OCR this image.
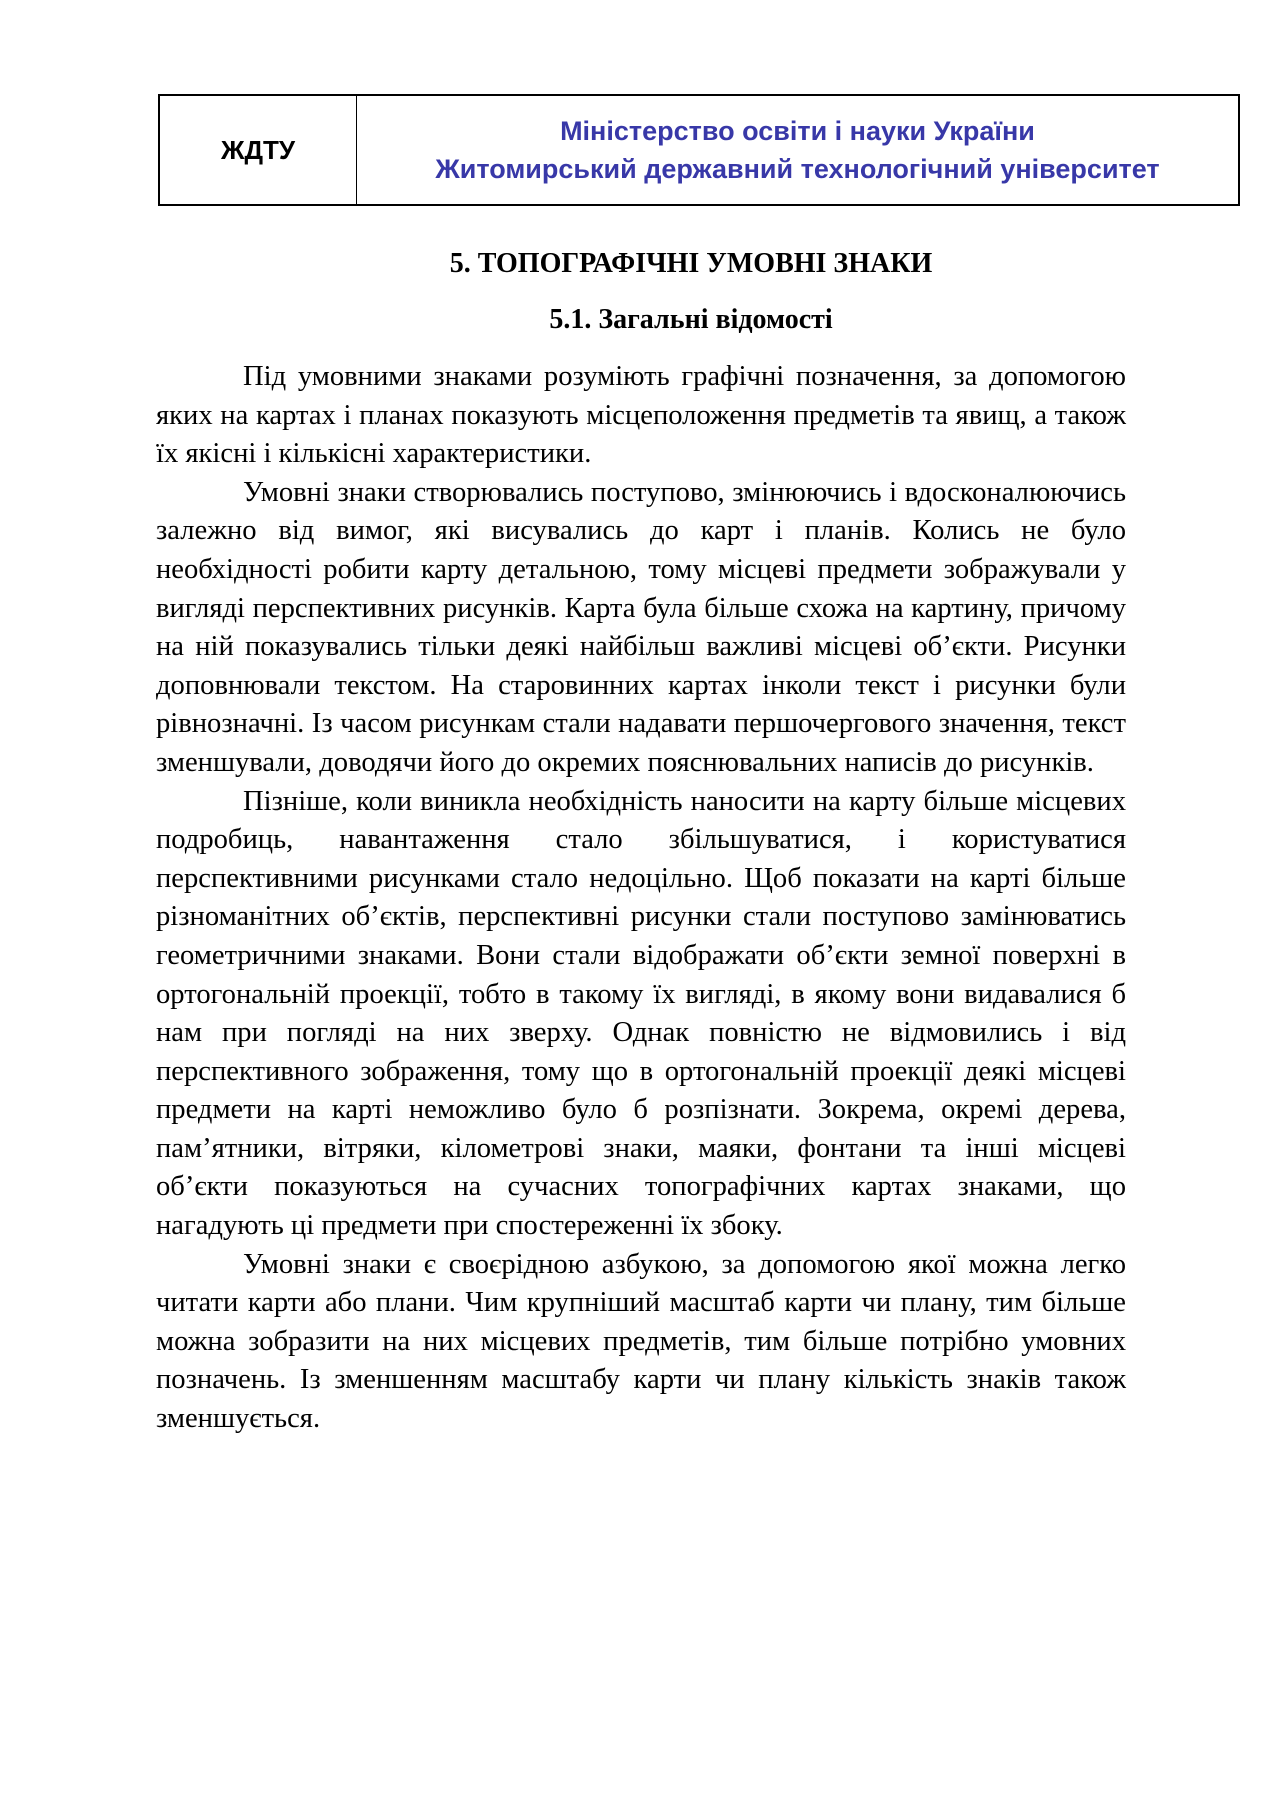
ЖДТУ	
Міністерство освіти і науки України
Житомирський державний технологічний університет
5. ТОПОГРАФІЧНІ УМОВНІ ЗНАКИ
5.1. Загальні відомості

Під умовними знаками розуміють графічні позначення, за допомогою яких на картах і планах показують місцеположення предметів та явищ, а також їх якісні і кількісні характеристики.

Умовні знаки створювались поступово, змінюючись і вдосконалюючись залежно від вимог, які висувались до карт і планів. Колись не було необхідності робити карту детальною, тому місцеві предмети зображували у вигляді перспективних рисунків. Карта була більше схожа на картину, причому на ній показувались тільки деякі найбільш важливі місцеві об’єкти. Рисунки доповнювали текстом. На старовинних картах інколи текст і рисунки були рівнозначні. Із часом рисункам стали надавати першочергового значення, текст зменшували, доводячи його до окремих пояснювальних написів до рисунків.

Пізніше, коли виникла необхідність наносити на карту більше місцевих подробиць, навантаження стало збільшуватися, і користуватися перспективними рисунками стало недоцільно. Щоб показати на карті більше різноманітних об’єктів, перспективні рисунки стали поступово замінюватись геометричними знаками. Вони стали відображати об’єкти земної поверхні в ортогональній проекції, тобто в такому їх вигляді, в якому вони видавалися б нам при погляді на них зверху. Однак повністю не відмовились і від перспективного зображення, тому що в ортогональній проекції деякі місцеві предмети на карті неможливо було б розпізнати. Зокрема, окремі дерева, пам’ятники, вітряки, кілометрові знаки, маяки, фонтани та інші місцеві об’єкти показуються на сучасних топографічних картах знаками, що нагадують ці предмети при спостереженні їх збоку.

Умовні знаки є своєрідною азбукою, за допомогою якої можна легко читати карти або плани. Чим крупніший масштаб карти чи плану, тим більше можна зобразити на них місцевих предметів, тим більше потрібно умовних позначень. Із зменшенням масштабу карти чи плану кількість знаків також зменшується.
